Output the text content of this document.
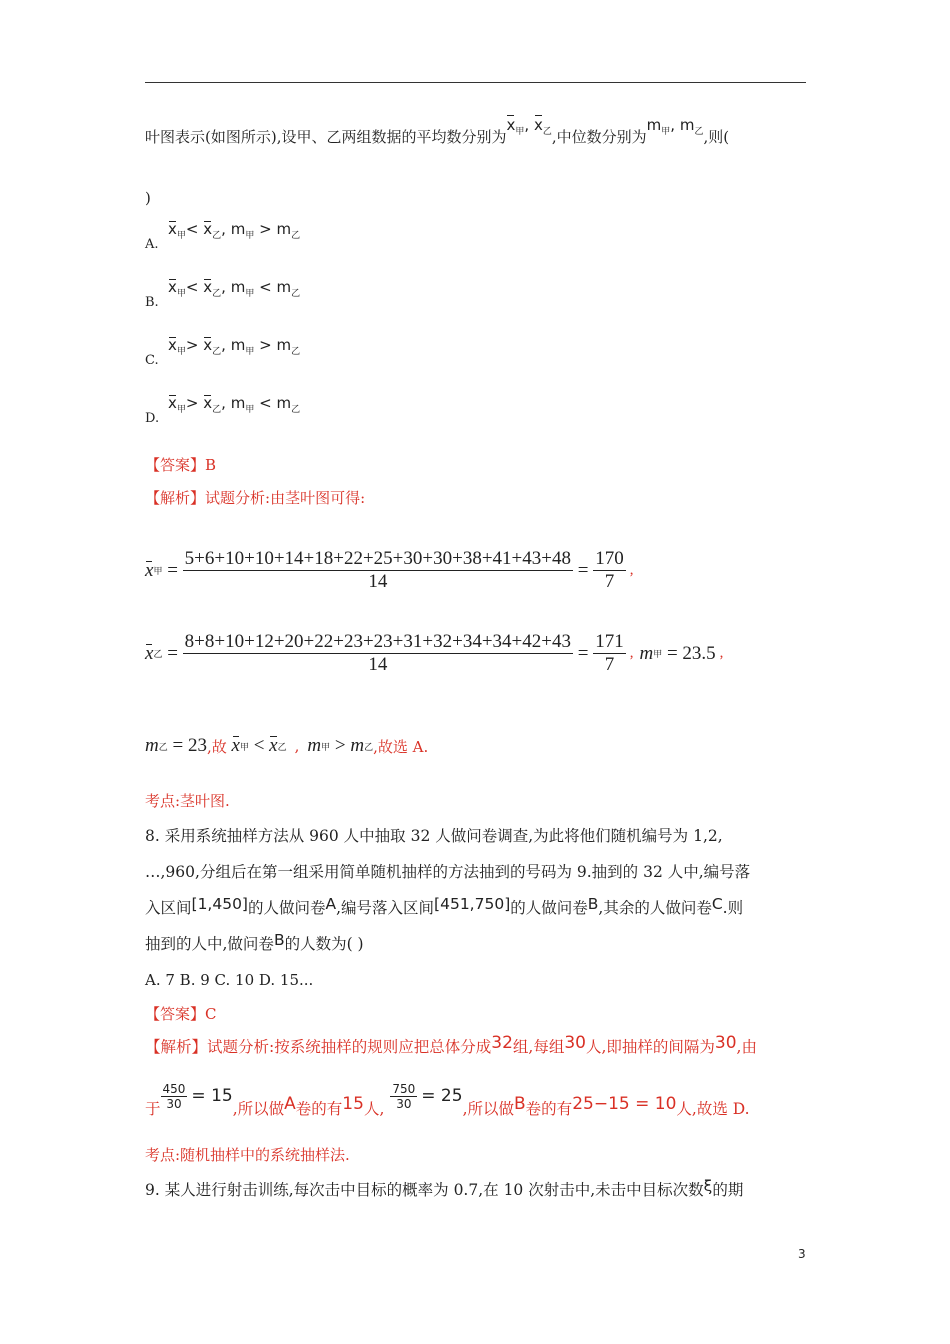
叶图表示(如图所示),设甲、乙两组数据的平均数分别为$x_甲$, $x_乙$,中位数分别为$m_甲$, $m_乙$,则(
)
A.
$x_甲< x_乙$, $m_甲 > m_乙$
B.
$x_甲< x_乙$, $m_甲 < m_乙$
C.
$x_甲> x_乙$, $m_甲 > m_乙$
D.
$x_甲> x_乙$, $m_甲 < m_乙$
【答案】B
【解析】试题分析:由茎叶图可得:
x 甲 = $\frac{5+6+10+10+14+18+22+25+30+30+38+41+43+48}{14} = \frac{170}{7}$ ,
x 乙 = $\frac{8+8+10+12+20+22+23+23+31+32+34+34+42+43}{14} = \frac{171}{7}$ , m 甲
= 23.5 ,
m 乙
= 23 ,故
x 甲
<
x 乙 , m 甲
>
m 乙 ,故选 A.
考点:茎叶图.
8. 采用系统抽样方法从 960 人中抽取 32 人做问卷调查,为此将他们随机编号为 1,2,
…,960,分组后在第一组采用简单随机抽样的方法抽到的号码为 9.抽到的 32 人中,编号落
入区间[1,450]的人做问卷A,编号落入区间[451,750]的人做问卷B,其余的人做问卷C.则
抽到的人中,做问卷B的人数为( )
A. 7 B. 9 C. 10 D. 15...
【答案】C
【解析】试题分析:按系统抽样的规则应把总体分成32组,每组30人,即抽样的间隔为30,由
于 $\frac{450}{30} = 15$
,所以做 A 卷的有 15 人, $\frac{750}{30} = 25$
,所以做 B 卷的有 25−15 = 10 人,故选 D.
考点:随机抽样中的系统抽样法.
9. 某人进行射击训练,每次击中目标的概率为 0.7,在 10 次射击中,未击中目标次数ξ的期
3
